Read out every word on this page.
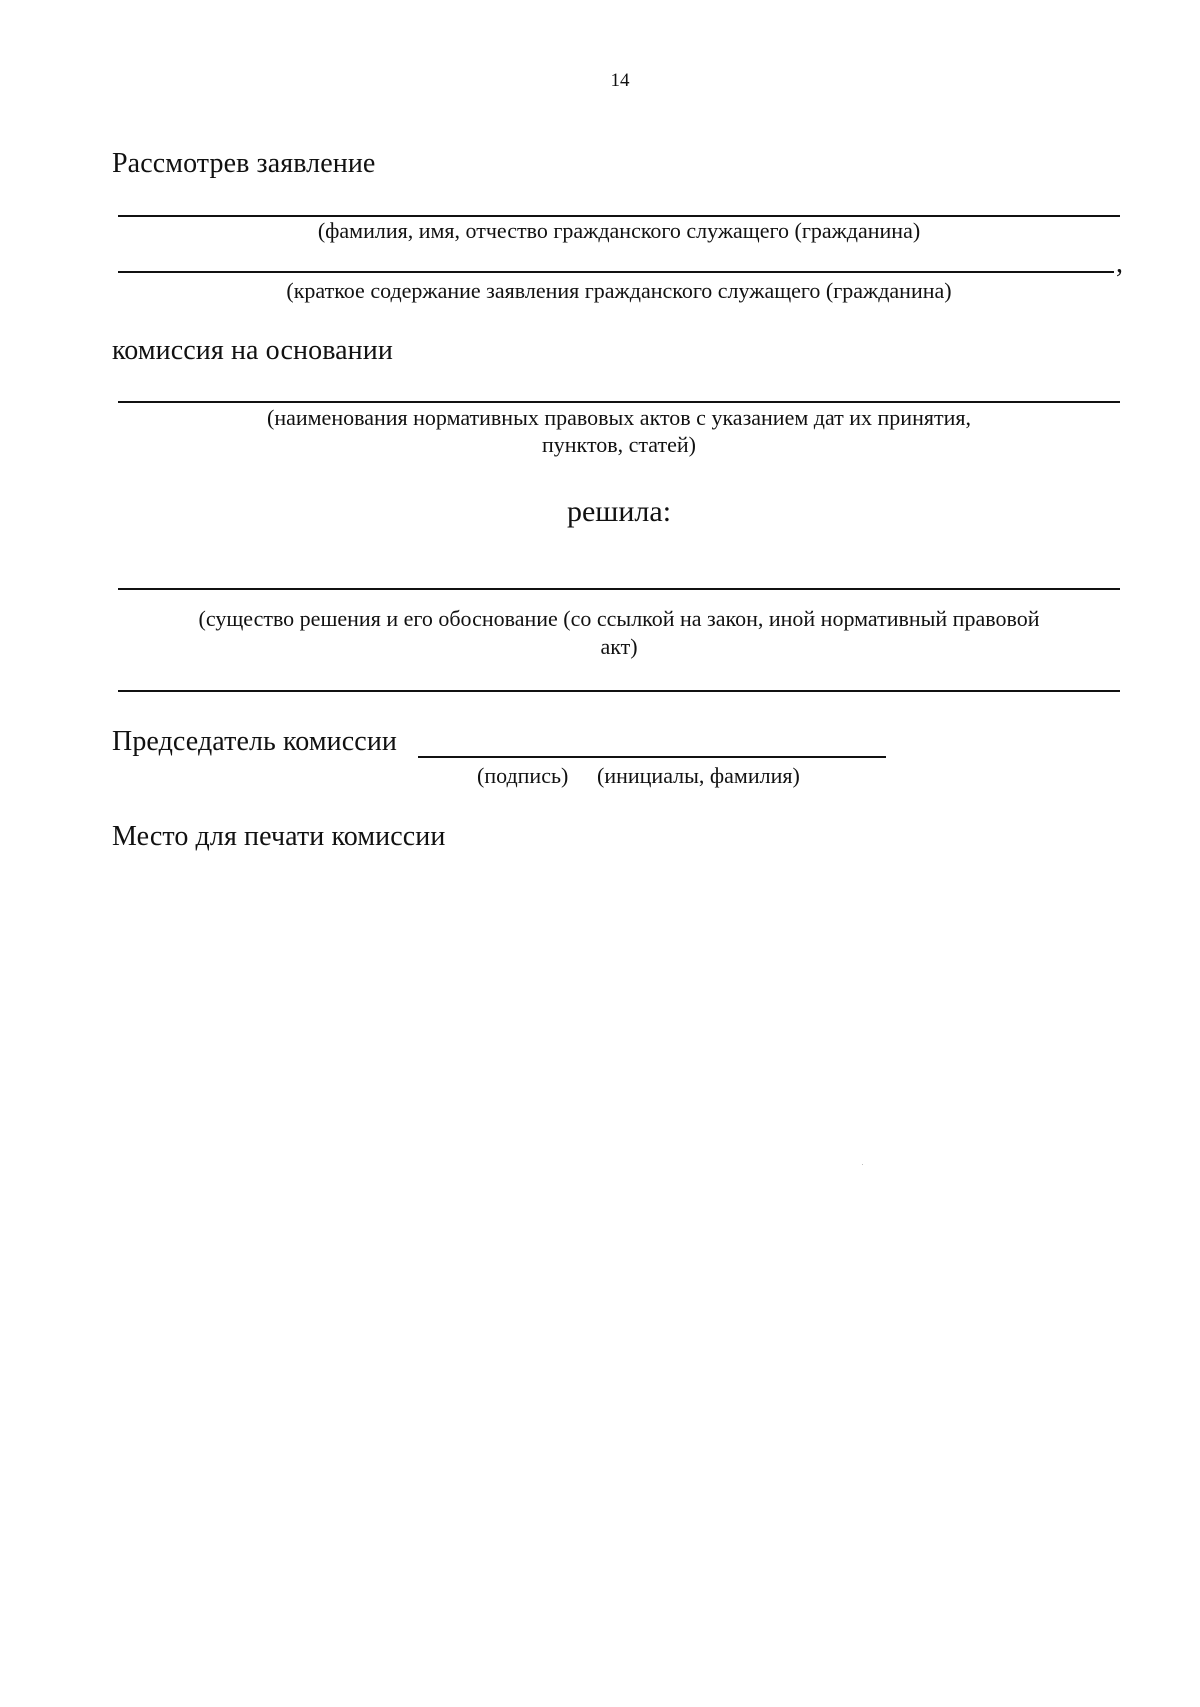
14
Рассмотрев заявление
(фамилия, имя, отчество гражданского служащего (гражданина)
,
(краткое содержание заявления гражданского служащего (гражданина)
комиссия на основании
(наименования нормативных правовых актов с указанием дат их принятия,
пунктов, статей)
решила:
(существо решения и его обоснование (со ссылкой на закон, иной нормативный правовой
акт)
Председатель комиссии
(подпись) (инициалы, фамилия)
Место для печати комиссии
